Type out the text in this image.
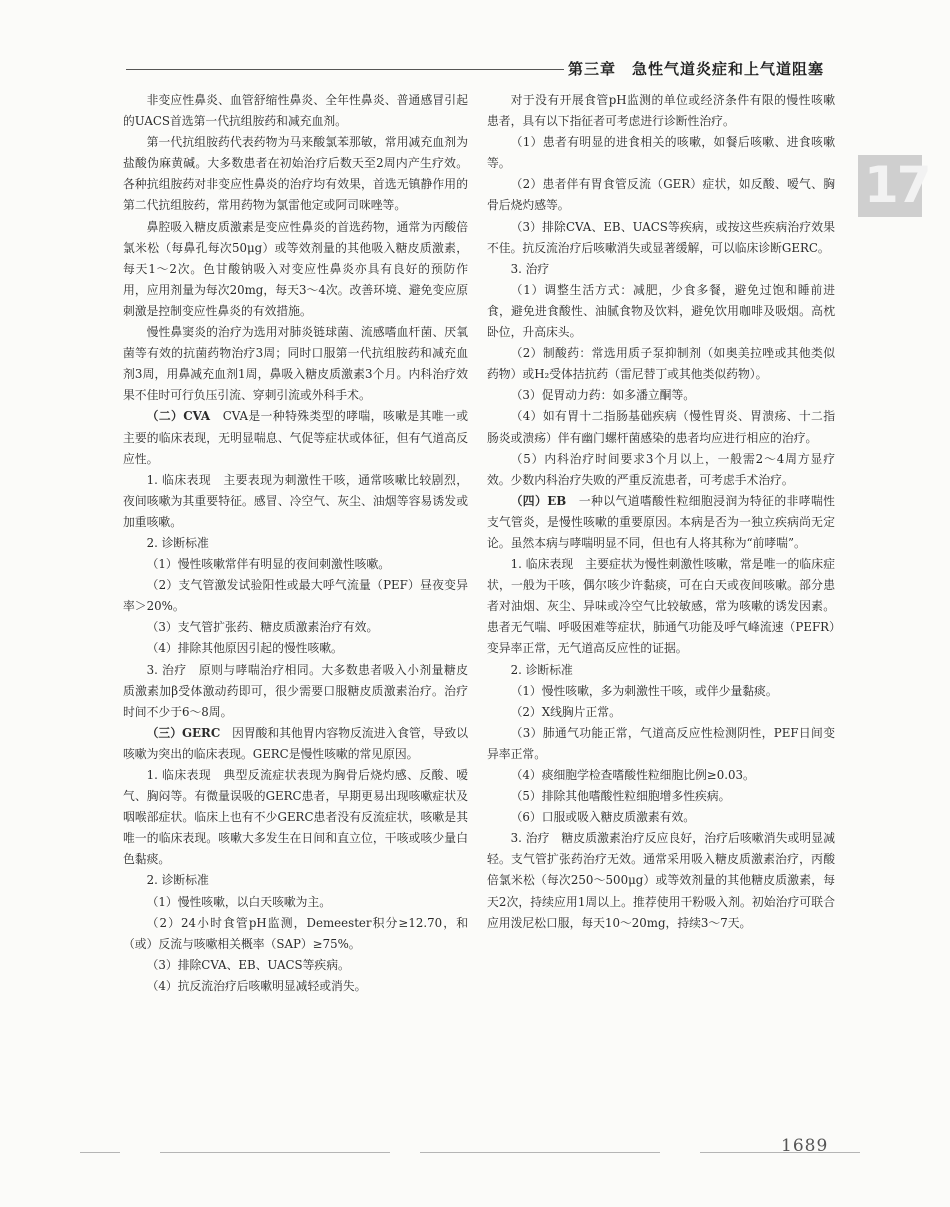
第三章　急性气道炎症和上气道阻塞
17

非变应性鼻炎、血管舒缩性鼻炎、全年性鼻炎、普通感冒引起的UACS首选第一代抗组胺药和减充血剂。

第一代抗组胺药代表药物为马来酸氯苯那敏，常用减充血剂为盐酸伪麻黄碱。大多数患者在初始治疗后数天至2周内产生疗效。各种抗组胺药对非变应性鼻炎的治疗均有效果，首选无镇静作用的第二代抗组胺药，常用药物为氯雷他定或阿司咪唑等。

鼻腔吸入糖皮质激素是变应性鼻炎的首选药物，通常为丙酸倍氯米松（每鼻孔每次50μg）或等效剂量的其他吸入糖皮质激素，每天1～2次。色甘酸钠吸入对变应性鼻炎亦具有良好的预防作用，应用剂量为每次20mg，每天3～4次。改善环境、避免变应原刺激是控制变应性鼻炎的有效措施。

慢性鼻窦炎的治疗为选用对肺炎链球菌、流感嗜血杆菌、厌氧菌等有效的抗菌药物治疗3周；同时口服第一代抗组胺药和减充血剂3周，用鼻减充血剂1周，鼻吸入糖皮质激素3个月。内科治疗效果不佳时可行负压引流、穿刺引流或外科手术。

（二）CVA　 CVA是一种特殊类型的哮喘，咳嗽是其唯一或主要的临床表现，无明显喘息、气促等症状或体征，但有气道高反应性。

1. 临床表现　主要表现为刺激性干咳，通常咳嗽比较剧烈，夜间咳嗽为其重要特征。感冒、冷空气、灰尘、油烟等容易诱发或加重咳嗽。

2. 诊断标准

（1）慢性咳嗽常伴有明显的夜间刺激性咳嗽。

（2）支气管激发试验阳性或最大呼气流量（PEF）昼夜变异率＞20%。

（3）支气管扩张药、糖皮质激素治疗有效。

（4）排除其他原因引起的慢性咳嗽。

3. 治疗　原则与哮喘治疗相同。大多数患者吸入小剂量糖皮质激素加β受体激动药即可，很少需要口服糖皮质激素治疗。治疗时间不少于6～8周。

（三）GERC　 因胃酸和其他胃内容物反流进入食管，导致以咳嗽为突出的临床表现。GERC是慢性咳嗽的常见原因。

1. 临床表现　典型反流症状表现为胸骨后烧灼感、反酸、嗳气、胸闷等。有微量误吸的GERC患者，早期更易出现咳嗽症状及咽喉部症状。临床上也有不少GERC患者没有反流症状，咳嗽是其唯一的临床表现。咳嗽大多发生在日间和直立位，干咳或咳少量白色黏痰。

2. 诊断标准

（1）慢性咳嗽，以白天咳嗽为主。

（2）24小时食管pH监测，Demeester积分≥12.70，和（或）反流与咳嗽相关概率（SAP）≥75%。

（3）排除CVA、EB、UACS等疾病。

（4）抗反流治疗后咳嗽明显减轻或消失。

对于没有开展食管pH监测的单位或经济条件有限的慢性咳嗽患者，具有以下指征者可考虑进行诊断性治疗。

（1）患者有明显的进食相关的咳嗽，如餐后咳嗽、进食咳嗽等。

（2）患者伴有胃食管反流（GER）症状，如反酸、嗳气、胸骨后烧灼感等。

（3）排除CVA、EB、UACS等疾病，或按这些疾病治疗效果不佳。抗反流治疗后咳嗽消失或显著缓解，可以临床诊断GERC。

3. 治疗

（1）调整生活方式：减肥，少食多餐，避免过饱和睡前进食，避免进食酸性、油腻食物及饮料，避免饮用咖啡及吸烟。高枕卧位，升高床头。

（2）制酸药：常选用质子泵抑制剂（如奥美拉唑或其他类似药物）或H₂受体拮抗药（雷尼替丁或其他类似药物）。

（3）促胃动力药：如多潘立酮等。

（4）如有胃十二指肠基础疾病（慢性胃炎、胃溃疡、十二指肠炎或溃疡）伴有幽门螺杆菌感染的患者均应进行相应的治疗。

（5）内科治疗时间要求3个月以上，一般需2～4周方显疗效。少数内科治疗失败的严重反流患者，可考虑手术治疗。

（四）EB　 一种以气道嗜酸性粒细胞浸润为特征的非哮喘性支气管炎，是慢性咳嗽的重要原因。本病是否为一独立疾病尚无定论。虽然本病与哮喘明显不同，但也有人将其称为“前哮喘”。

1. 临床表现　主要症状为慢性刺激性咳嗽，常是唯一的临床症状，一般为干咳，偶尔咳少许黏痰，可在白天或夜间咳嗽。部分患者对油烟、灰尘、异味或冷空气比较敏感，常为咳嗽的诱发因素。患者无气喘、呼吸困难等症状，肺通气功能及呼气峰流速（PEFR）变异率正常，无气道高反应性的证据。

2. 诊断标准

（1）慢性咳嗽，多为刺激性干咳，或伴少量黏痰。

（2）X线胸片正常。

（3）肺通气功能正常，气道高反应性检测阴性，PEF日间变异率正常。

（4）痰细胞学检查嗜酸性粒细胞比例≥0.03。

（5）排除其他嗜酸性粒细胞增多性疾病。

（6）口服或吸入糖皮质激素有效。

3. 治疗　糖皮质激素治疗反应良好，治疗后咳嗽消失或明显减轻。支气管扩张药治疗无效。通常采用吸入糖皮质激素治疗，丙酸倍氯米松（每次250～500μg）或等效剂量的其他糖皮质激素，每天2次，持续应用1周以上。推荐使用干粉吸入剂。初始治疗可联合应用泼尼松口服，每天10～20mg，持续3～7天。

1689
